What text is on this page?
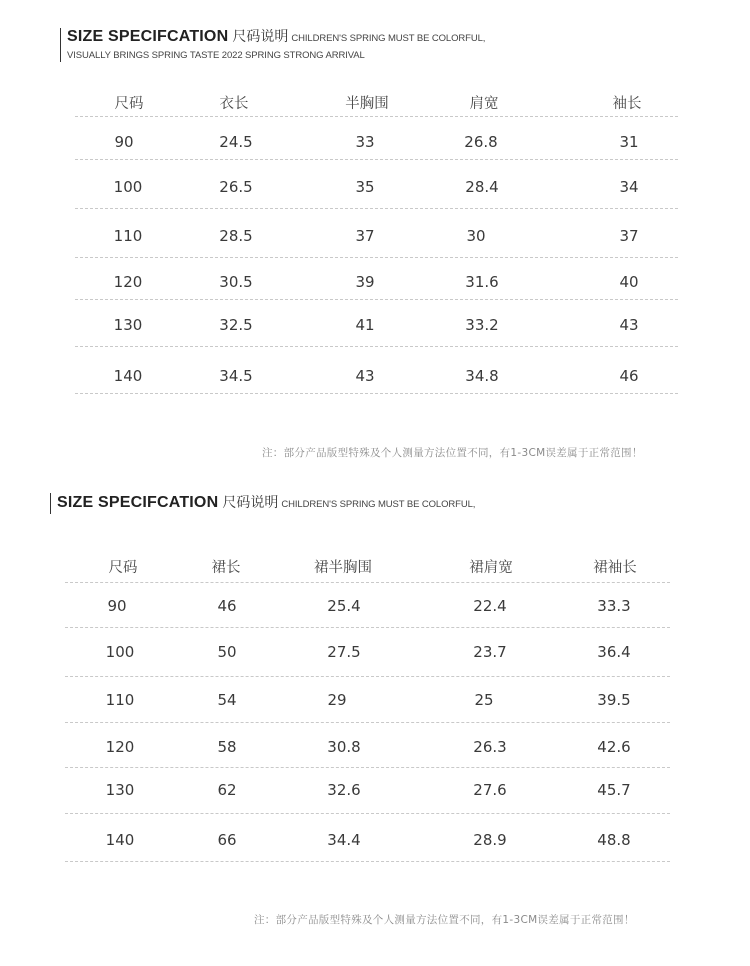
SIZE SPECIFCATION 尺码说明 CHILDREN'S SPRING MUST BE COLORFUL,
VISUALLY BRINGS SPRING TASTE 2022 SPRING STRONG ARRIVAL
尺码	衣长	半胸围	肩宽	袖长
90	24.5	33	26.8	31
100	26.5	35	28.4	34
110	28.5	37	30	37
120	30.5	39	31.6	40
130	32.5	41	33.2	43
140	34.5	43	34.8	46
注：部分产品版型特殊及个人测量方法位置不同，有1-3CM误差属于正常范围！
SIZE SPECIFCATION 尺码说明 CHILDREN'S SPRING MUST BE COLORFUL,
尺码	裙长	裙半胸围	裙肩宽	裙袖长
90	46	25.4	22.4	33.3
100	50	27.5	23.7	36.4
110	54	29	25	39.5
120	58	30.8	26.3	42.6
130	62	32.6	27.6	45.7
140	66	34.4	28.9	48.8
注：部分产品版型特殊及个人测量方法位置不同，有1-3CM误差属于正常范围！
